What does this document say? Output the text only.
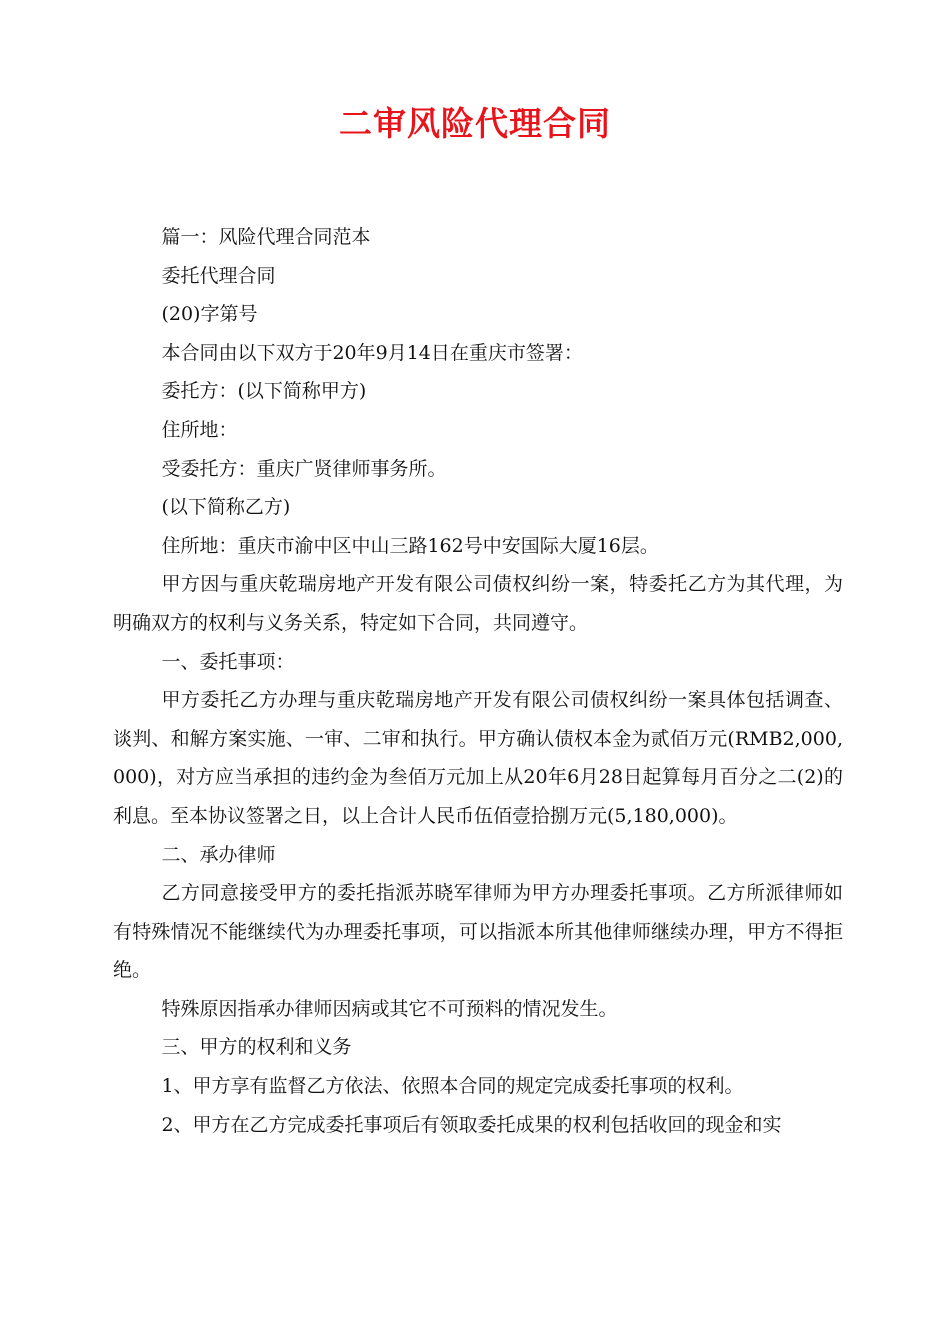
二审风险代理合同

篇一：风险代理合同范本

委托代理合同

(20)字第号

本合同由以下双方于20年9月14日在重庆市签署：

委托方：(以下简称甲方)

住所地：

受委托方：重庆广贤律师事务所。

(以下简称乙方)

住所地：重庆市渝中区中山三路162号中安国际大厦16层。

甲方因与重庆乾瑞房地产开发有限公司债权纠纷一案，特委托乙方为其代理，为明确双方的权利与义务关系，特定如下合同，共同遵守。

一、委托事项：

甲方委托乙方办理与重庆乾瑞房地产开发有限公司债权纠纷一案具体包括调查、谈判、和解方案实施、一审、二审和执行。甲方确认债权本金为贰佰万元(RMB2,000,000)，对方应当承担的违约金为叁佰万元加上从20年6月28日起算每月百分之二(2)的利息。至本协议签署之日，以上合计人民币伍佰壹拾捌万元(5,180,000)。

二、承办律师

乙方同意接受甲方的委托指派苏晓军律师为甲方办理委托事项。乙方所派律师如有特殊情况不能继续代为办理委托事项，可以指派本所其他律师继续办理，甲方不得拒绝。

特殊原因指承办律师因病或其它不可预料的情况发生。

三、甲方的权利和义务

1、甲方享有监督乙方依法、依照本合同的规定完成委托事项的权利。

2、甲方在乙方完成委托事项后有领取委托成果的权利包括收回的现金和实
